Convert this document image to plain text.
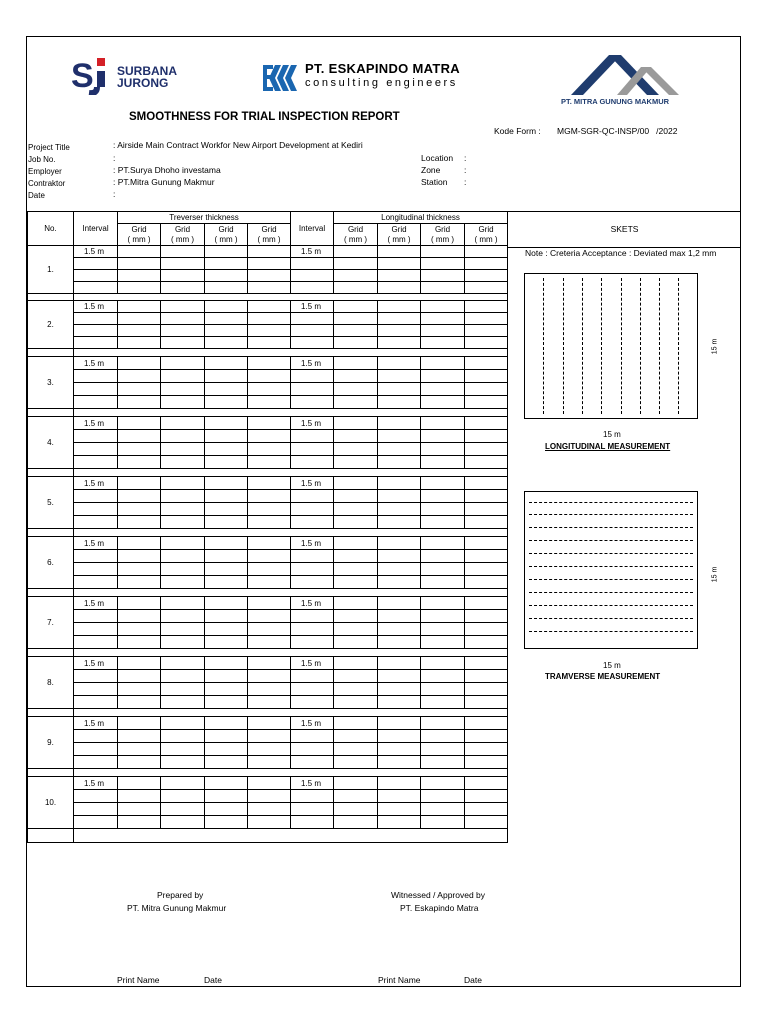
S SURBANA
JURONG
PT. ESKAPINDO MATRA
consulting engineers
PT. MITRA GUNUNG MAKMUR
SMOOTHNESS FOR TRIAL INSPECTION REPORT
Kode Form : MGM-SGR-QC-INSP/00   /2022
Project Title	: Airside Main Contract Workfor New Airport Development at Kediri
Job No.	:
Employer	: PT.Surya Dhoho investama
Contraktor	: PT.Mitra Gunung Makmur
Date	:
Location :
Zone	:
Station :
No.	Interval	Treverser thickness				Interval	Longitudinal thickness			
		Grid	Grid	Grid	Grid		Grid	Grid	Grid	Grid
		( mm )	( mm )	( mm )	( mm )		( mm )	( mm )	( mm )	( mm )
1.	1.5 m					1.5 m				

2.	1.5 m					1.5 m				

3.	1.5 m					1.5 m				

4.	1.5 m					1.5 m				

5.	1.5 m					1.5 m				

6.	1.5 m					1.5 m				

7.	1.5 m					1.5 m				

8.	1.5 m					1.5 m				

9.	1.5 m					1.5 m				

10.	1.5 m					1.5 m				

SKETS
Note : Creteria Acceptance : Deviated max 1,2 mm
15 m
15 m
LONGITUDINAL MEASUREMENT
15 m
15 m
TRAMVERSE MEASUREMENT
Prepared by
PT. Mitra Gunung Makmur
Witnessed / Approved by
PT. Eskapindo Matra
Print Name	Date	Print Name	Date
